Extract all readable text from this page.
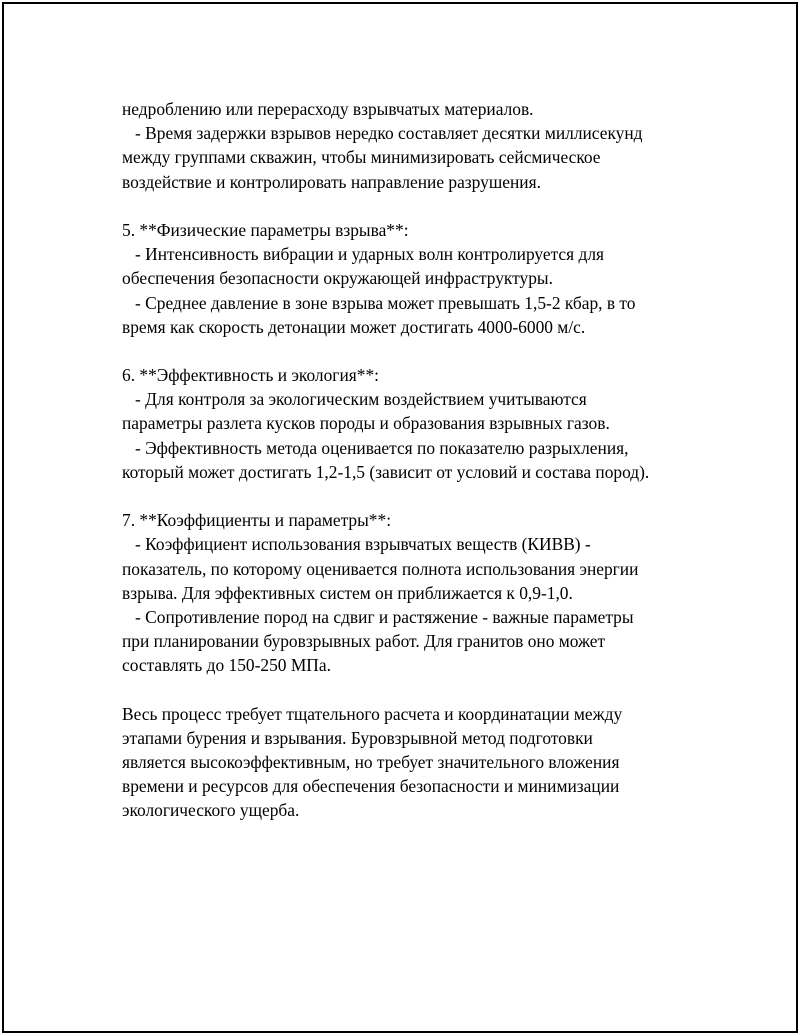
недроблению или перерасходу взрывчатых материалов.
- Время задержки взрывов нередко составляет десятки миллисекунд
между группами скважин, чтобы минимизировать сейсмическое
воздействие и контролировать направление разрушения.
5. **Физические параметры взрыва**:
- Интенсивность вибрации и ударных волн контролируется для
обеспечения безопасности окружающей инфраструктуры.
- Среднее давление в зоне взрыва может превышать 1,5-2 кбар, в то
время как скорость детонации может достигать 4000-6000 м/с.
6. **Эффективность и экология**:
- Для контроля за экологическим воздействием учитываются
параметры разлета кусков породы и образования взрывных газов.
- Эффективность метода оценивается по показателю разрыхления,
который может достигать 1,2-1,5 (зависит от условий и состава пород).
7. **Коэффициенты и параметры**:
- Коэффициент использования взрывчатых веществ (КИВВ) -
показатель, по которому оценивается полнота использования энергии
взрыва. Для эффективных систем он приближается к 0,9-1,0.
- Сопротивление пород на сдвиг и растяжение - важные параметры
при планировании буровзрывных работ. Для гранитов оно может
составлять до 150-250 МПа.
Весь процесс требует тщательного расчета и координатации между
этапами бурения и взрывания. Буровзрывной метод подготовки
является высокоэффективным, но требует значительного вложения
времени и ресурсов для обеспечения безопасности и минимизации
экологического ущерба.
